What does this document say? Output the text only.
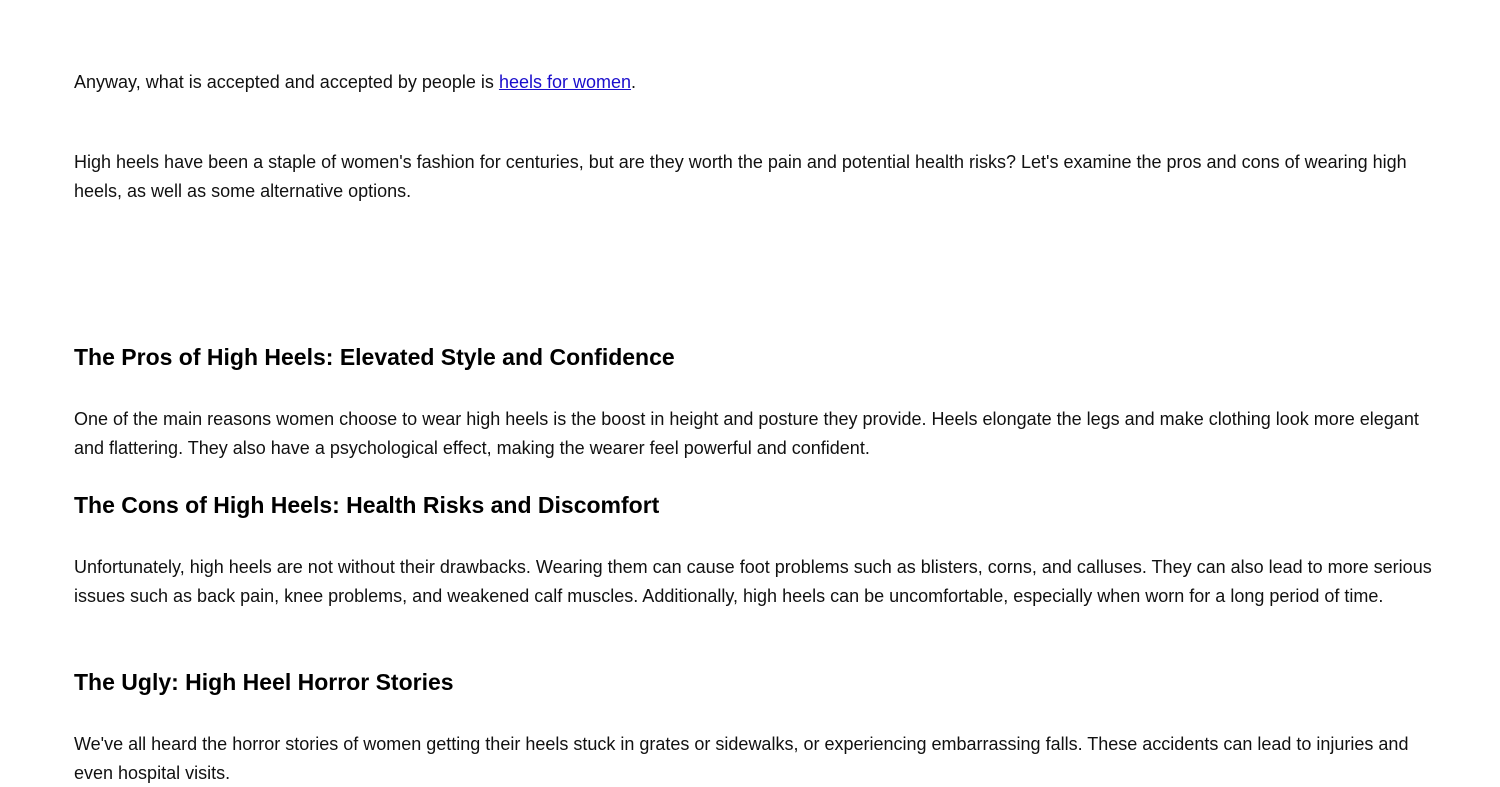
Anyway, what is accepted and accepted by people is heels for women.

High heels have been a staple of women's fashion for centuries, but are they worth the pain and potential health risks? Let's examine the pros and cons of wearing high heels, as well as some alternative options.

The Pros of High Heels: Elevated Style and Confidence

One of the main reasons women choose to wear high heels is the boost in height and posture they provide. Heels elongate the legs and make clothing look more elegant and flattering. They also have a psychological effect, making the wearer feel powerful and confident.

The Cons of High Heels: Health Risks and Discomfort

Unfortunately, high heels are not without their drawbacks. Wearing them can cause foot problems such as blisters, corns, and calluses. They can also lead to more serious issues such as back pain, knee problems, and weakened calf muscles. Additionally, high heels can be uncomfortable, especially when worn for a long period of time.

The Ugly: High Heel Horror Stories

We've all heard the horror stories of women getting their heels stuck in grates or sidewalks, or experiencing embarrassing falls. These accidents can lead to injuries and even hospital visits.
